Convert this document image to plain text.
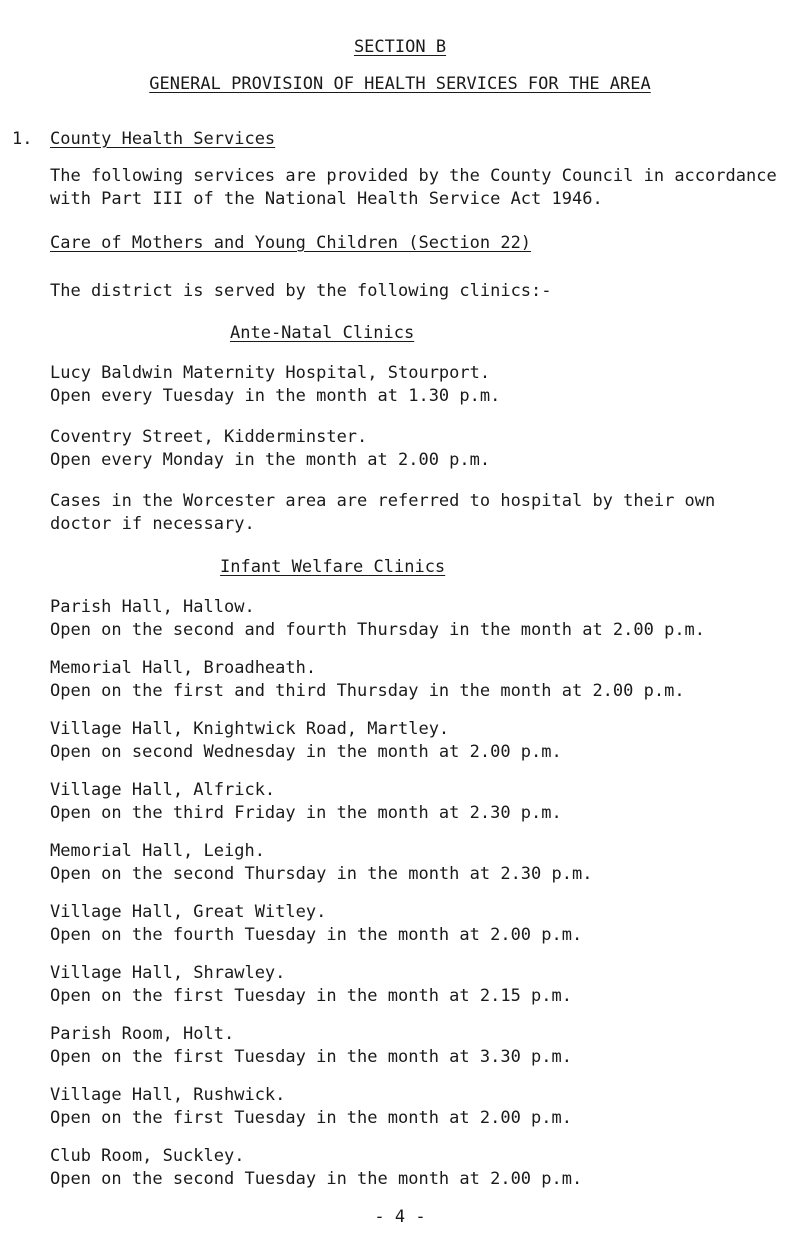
SECTION B
GENERAL PROVISION OF HEALTH SERVICES FOR THE AREA
1. County Health Services
The following services are provided by the County Council in accordance
with Part III of the National Health Service Act 1946.
Care of Mothers and Young Children (Section 22)
The district is served by the following clinics:-
Ante-Natal Clinics
Lucy Baldwin Maternity Hospital, Stourport.
Open every Tuesday in the month at 1.30 p.m.
Coventry Street, Kidderminster.
Open every Monday in the month at 2.00 p.m.
Cases in the Worcester area are referred to hospital by their own
doctor if necessary.
Infant Welfare Clinics
Parish Hall, Hallow.
Open on the second and fourth Thursday in the month at 2.00 p.m.
Memorial Hall, Broadheath.
Open on the first and third Thursday in the month at 2.00 p.m.
Village Hall, Knightwick Road, Martley.
Open on second Wednesday in the month at 2.00 p.m.
Village Hall, Alfrick.
Open on the third Friday in the month at 2.30 p.m.
Memorial Hall, Leigh.
Open on the second Thursday in the month at 2.30 p.m.
Village Hall, Great Witley.
Open on the fourth Tuesday in the month at 2.00 p.m.
Village Hall, Shrawley.
Open on the first Tuesday in the month at 2.15 p.m.
Parish Room, Holt.
Open on the first Tuesday in the month at 3.30 p.m.
Village Hall, Rushwick.
Open on the first Tuesday in the month at 2.00 p.m.
Club Room, Suckley.
Open on the second Tuesday in the month at 2.00 p.m.
- 4 -
